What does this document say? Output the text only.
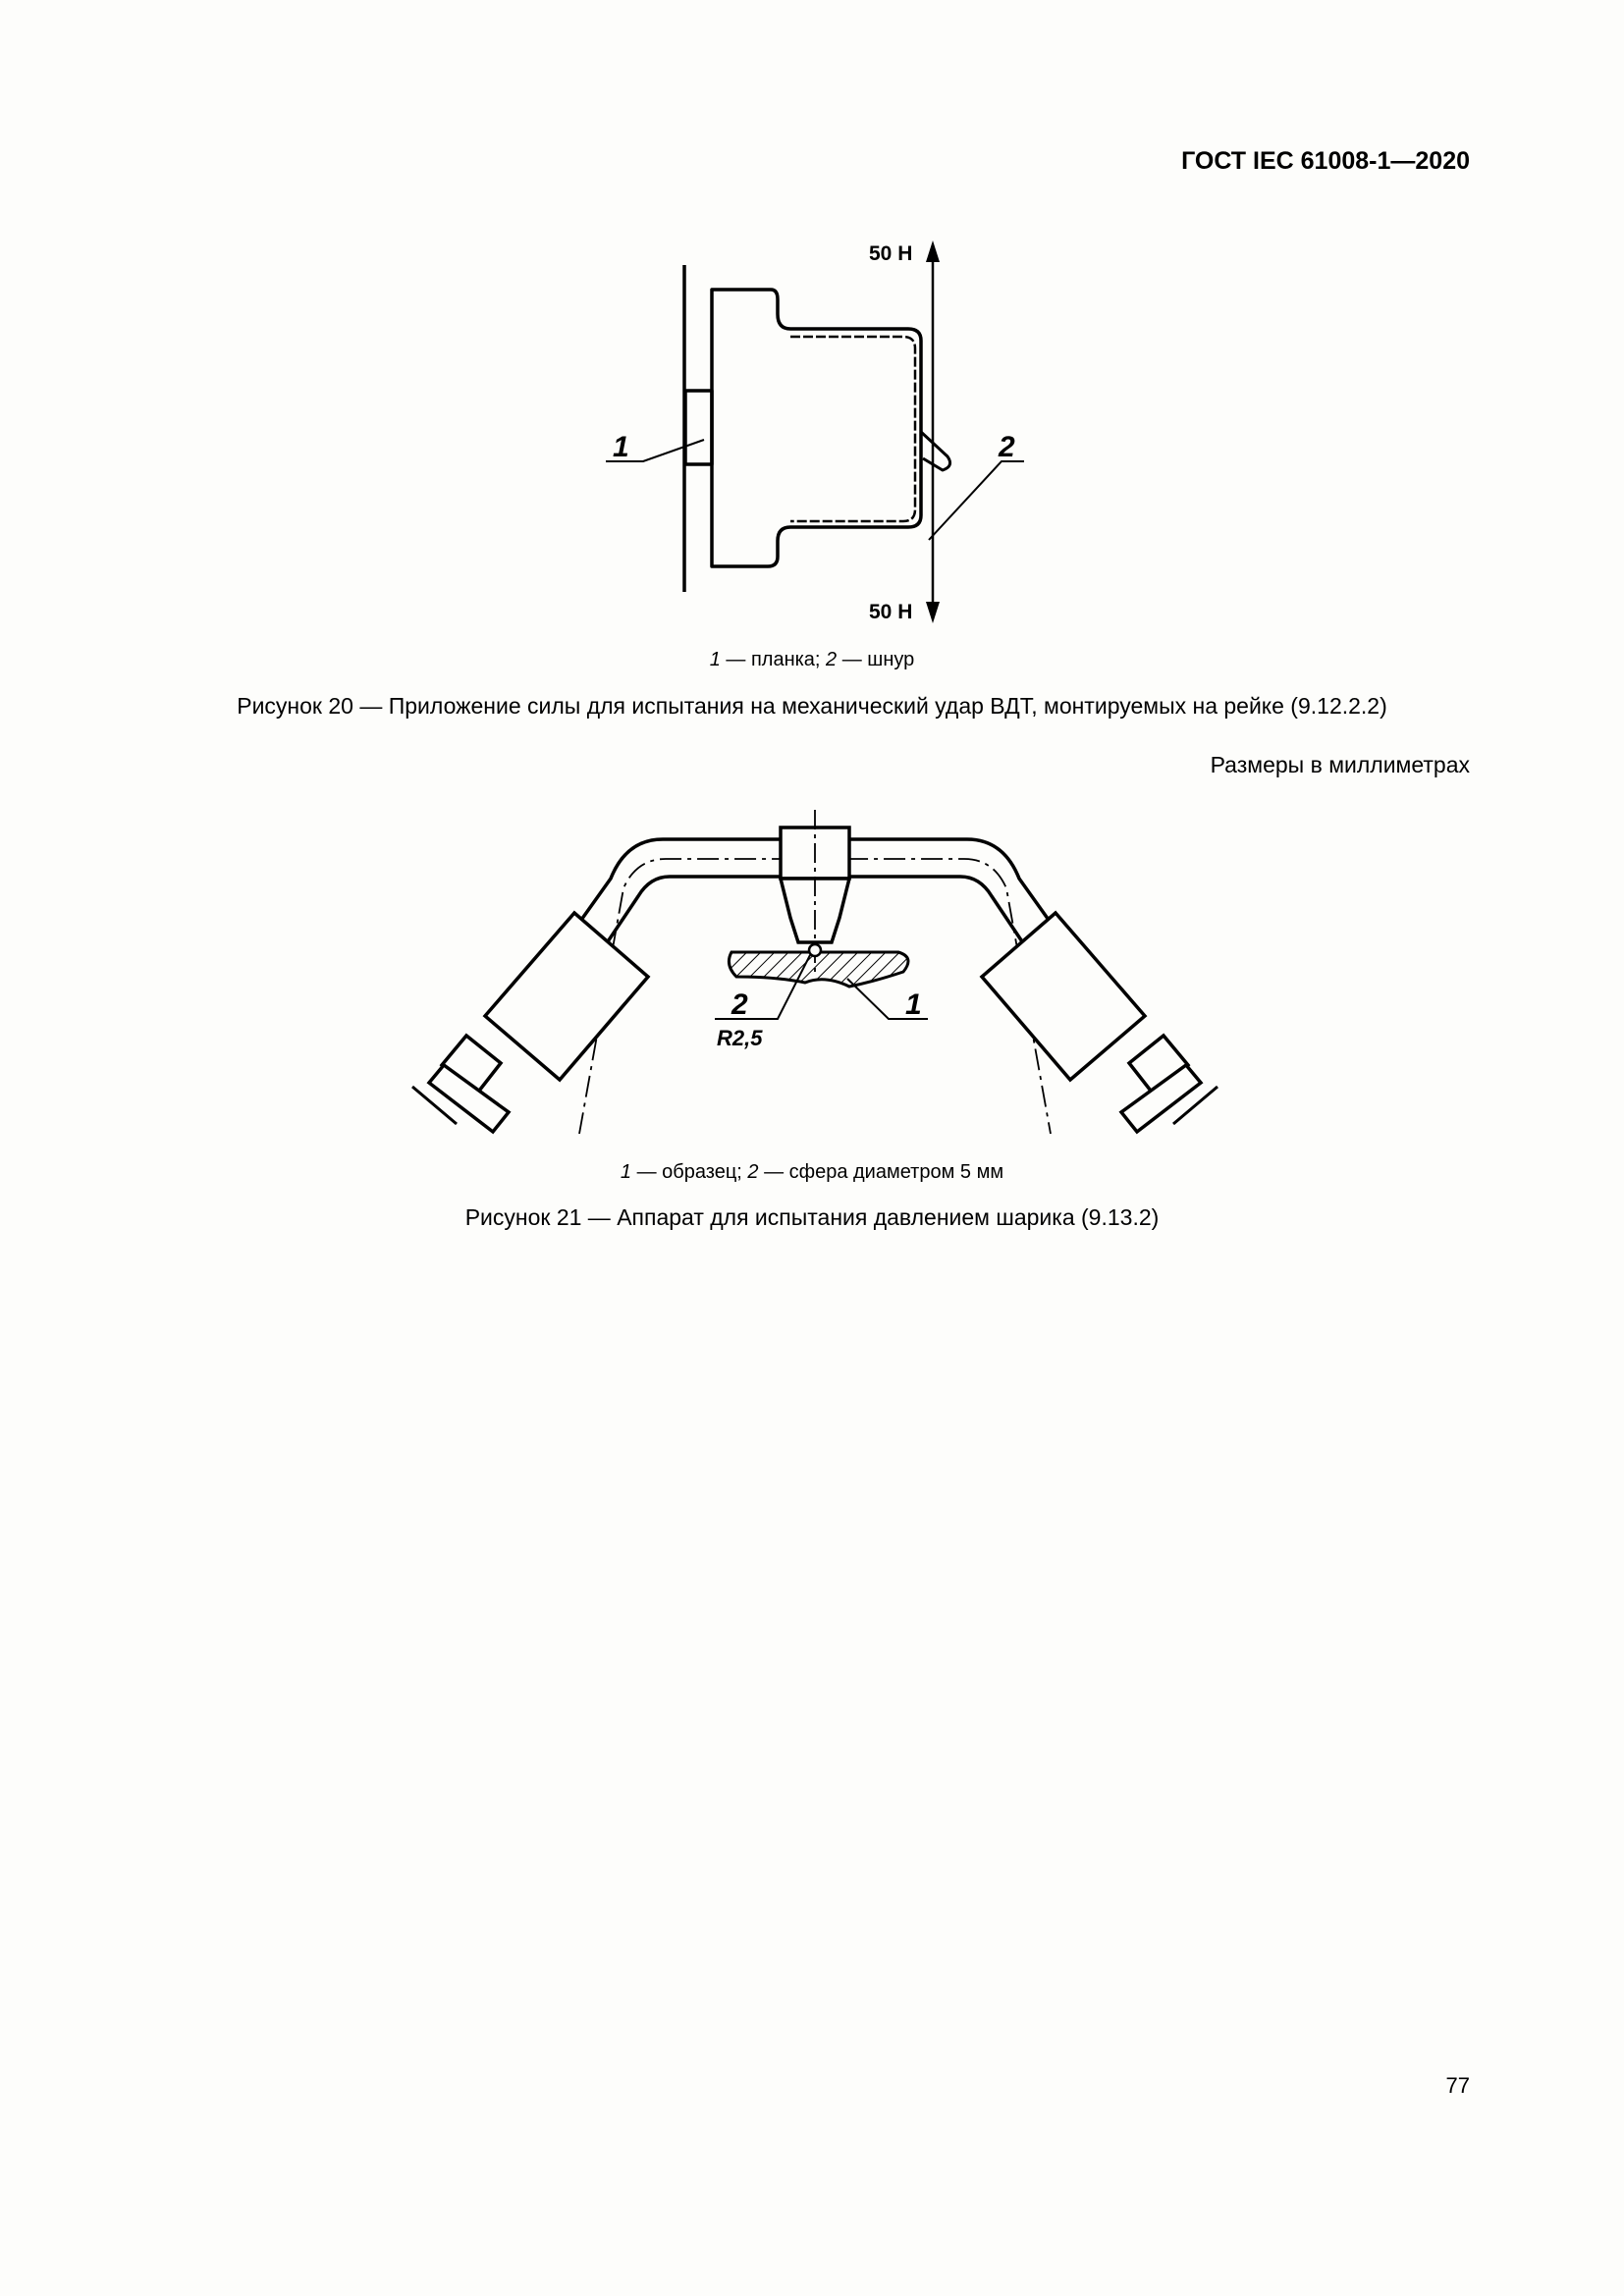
ГОСТ IEC 61008-1—2020
50 Н
50 Н
1	2
1 — планка; 2 — шнур
Рисунок 20 — Приложение силы для испытания на механический удар ВДТ, монтируемых на рейке (9.12.2.2)
Размеры в миллиметрах
2
R2,5
1
1 — образец; 2 — сфера диаметром 5 мм
Рисунок 21 — Аппарат для испытания давлением шарика (9.13.2)
77
